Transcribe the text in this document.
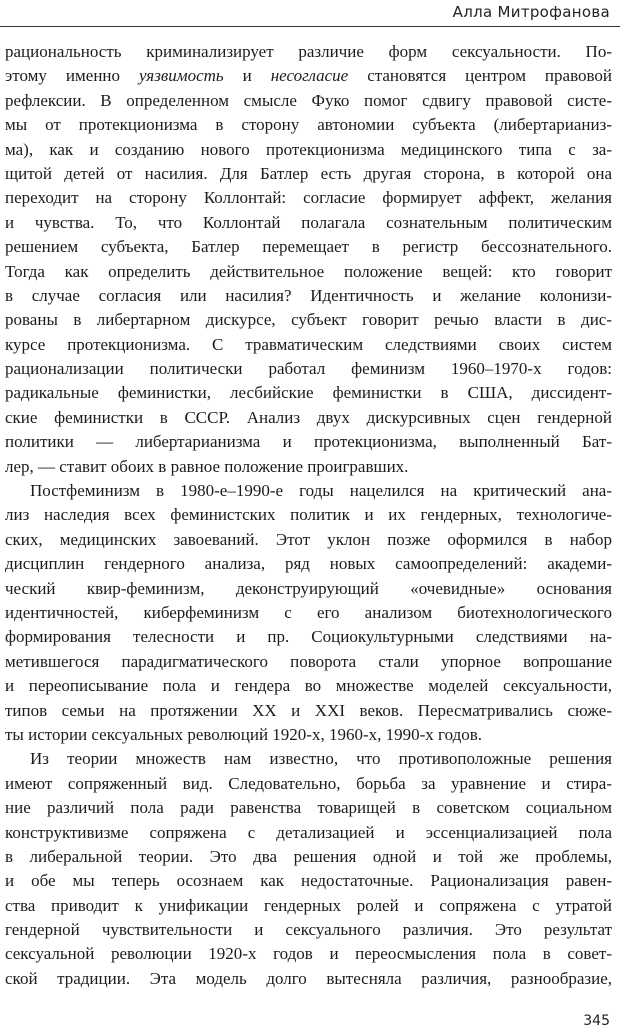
Алла Митрофанова
рациональность криминализирует различие форм сексуальности. По-
этому именно уязвимость и несогласие становятся центром правовой
рефлексии. В определенном смысле Фуко помог сдвигу правовой систе-
мы от протекционизма в сторону автономии субъекта (либертарианиз-
ма), как и созданию нового протекционизма медицинского типа с за-
щитой детей от насилия. Для Батлер есть другая сторона, в которой она
переходит на сторону Коллонтай: согласие формирует аффект, желания
и чувства. То, что Коллонтай полагала сознательным политическим
решением субъекта, Батлер перемещает в регистр бессознательного.
Тогда как определить действительное положение вещей: кто говорит
в случае согласия или насилия? Идентичность и желание колонизи-
рованы в либертарном дискурсе, субъект говорит речью власти в дис-
курсе протекционизма. С травматическим следствиями своих систем
рационализации политически работал феминизм 1960–1970-х годов:
радикальные феминистки, лесбийские феминистки в США, диссидент-
ские феминистки в СССР. Анализ двух дискурсивных сцен гендерной
политики — либертарианизма и протекционизма, выполненный Бат-
лер, — ставит обоих в равное положение проигравших.
Постфеминизм в 1980-е–1990-е годы нацелился на критический ана-
лиз наследия всех феминистских политик и их гендерных, технологиче-
ских, медицинских завоеваний. Этот уклон позже оформился в набор
дисциплин гендерного анализа, ряд новых самоопределений: академи-
ческий квир-феминизм, деконструирующий «очевидные» основания
идентичностей, киберфеминизм с его анализом биотехнологического
формирования телесности и пр. Социокультурными следствиями на-
метившегося парадигматического поворота стали упорное вопрошание
и переописывание пола и гендера во множестве моделей сексуальности,
типов семьи на протяжении XX и XXI веков. Пересматривались сюже-
ты истории сексуальных революций 1920-х, 1960-х, 1990-х годов.
Из теории множеств нам известно, что противоположные решения
имеют сопряженный вид. Следовательно, борьба за уравнение и стира-
ние различий пола ради равенства товарищей в советском социальном
конструктивизме сопряжена с детализацией и эссенциализацией пола
в либеральной теории. Это два решения одной и той же проблемы,
и обе мы теперь осознаем как недостаточные. Рационализация равен-
ства приводит к унификации гендерных ролей и сопряжена с утратой
гендерной чувствительности и сексуального различия. Это результат
сексуальной революции 1920-х годов и переосмысления пола в совет-
ской традиции. Эта модель долго вытесняла различия, разнообразие,
345
